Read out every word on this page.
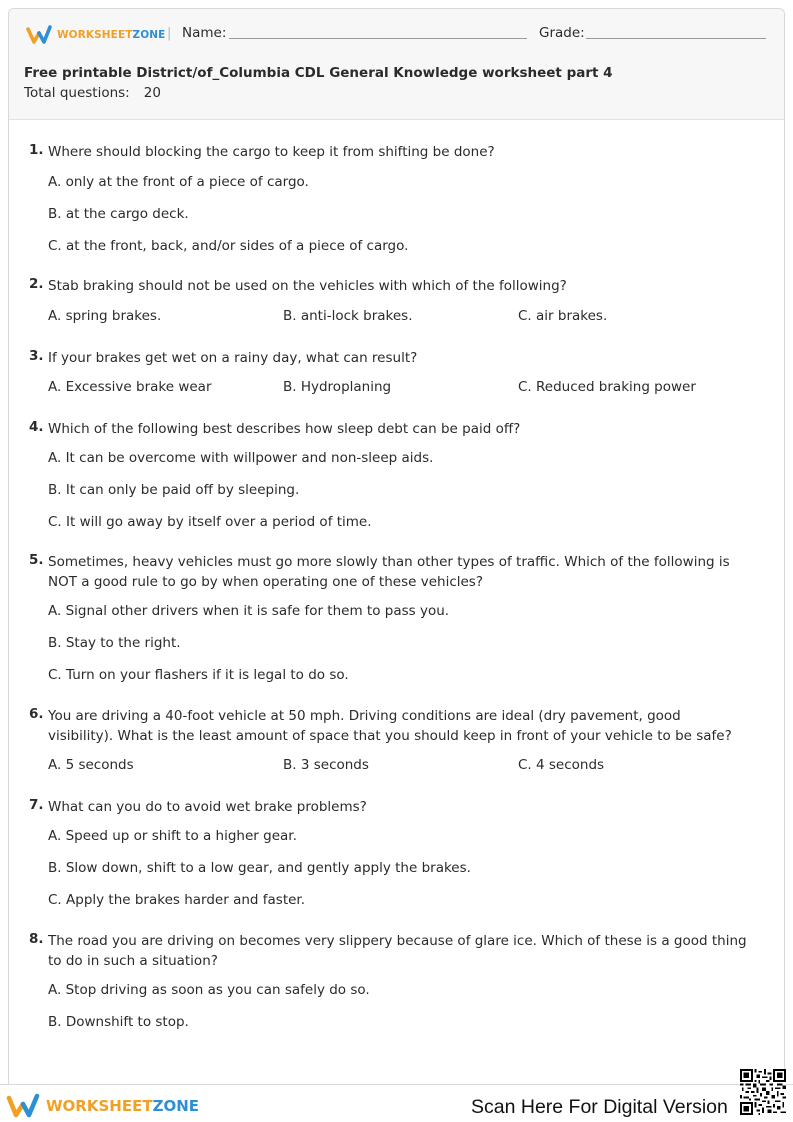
WORKSHEETZONE | Name:	Grade:
Free printable District/of_Columbia CDL General Knowledge worksheet part 4
Total questions: 20
1. Where should blocking the cargo to keep it from shifting be done?
A. only at the front of a piece of cargo.
B. at the cargo deck.
C. at the front, back, and/or sides of a piece of cargo.
2. Stab braking should not be used on the vehicles with which of the following?
A. spring brakes.	B. anti-lock brakes.	C. air brakes.
3. If your brakes get wet on a rainy day, what can result?
A. Excessive brake wear	B. Hydroplaning	C. Reduced braking power
4. Which of the following best describes how sleep debt can be paid off?
A. It can be overcome with willpower and non-sleep aids.
B. It can only be paid off by sleeping.
C. It will go away by itself over a period of time.
5. Sometimes, heavy vehicles must go more slowly than other types of traffic. Which of the following is NOT a good rule to go by when operating one of these vehicles?
A. Signal other drivers when it is safe for them to pass you.
B. Stay to the right.
C. Turn on your flashers if it is legal to do so.
6. You are driving a 40-foot vehicle at 50 mph. Driving conditions are ideal (dry pavement, good visibility). What is the least amount of space that you should keep in front of your vehicle to be safe?
A. 5 seconds	B. 3 seconds	C. 4 seconds
7. What can you do to avoid wet brake problems?
A. Speed up or shift to a higher gear.
B. Slow down, shift to a low gear, and gently apply the brakes.
C. Apply the brakes harder and faster.
8. The road you are driving on becomes very slippery because of glare ice. Which of these is a good thing to do in such a situation?
A. Stop driving as soon as you can safely do so.
B. Downshift to stop.
WORKSHEETZONE	Scan Here For Digital Version
